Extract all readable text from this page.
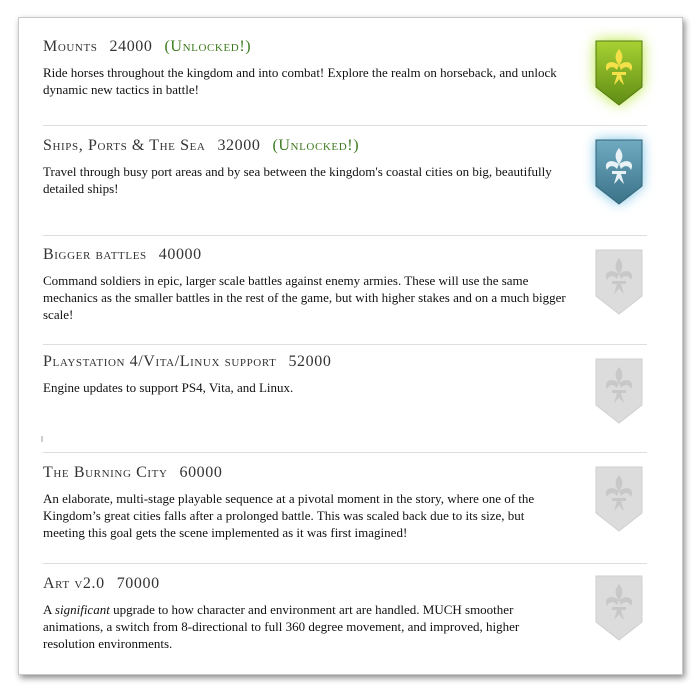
Mounts 24000 (Unlocked!)

Ride horses throughout the kingdom and into combat! Explore the realm on horseback, and unlock dynamic new tactics in battle!

Ships, Ports & The Sea 32000 (Unlocked!)

Travel through busy port areas and by sea between the kingdom's coastal cities on big, beautifully detailed ships!

Bigger battles 40000

Command soldiers in epic, larger scale battles against enemy armies. These will use the same mechanics as the smaller battles in the rest of the game, but with higher stakes and on a much bigger scale!

Playstation 4/Vita/Linux support 52000

Engine updates to support PS4, Vita, and Linux.

The Burning City 60000

An elaborate, multi-stage playable sequence at a pivotal moment in the story, where one of the Kingdom’s great cities falls after a prolonged battle. This was scaled back due to its size, but meeting this goal gets the scene implemented as it was first imagined!

Art v2.0 70000

A significant upgrade to how character and environment art are handled. MUCH smoother animations, a switch from 8-directional to full 360 degree movement, and improved, higher resolution environments.
